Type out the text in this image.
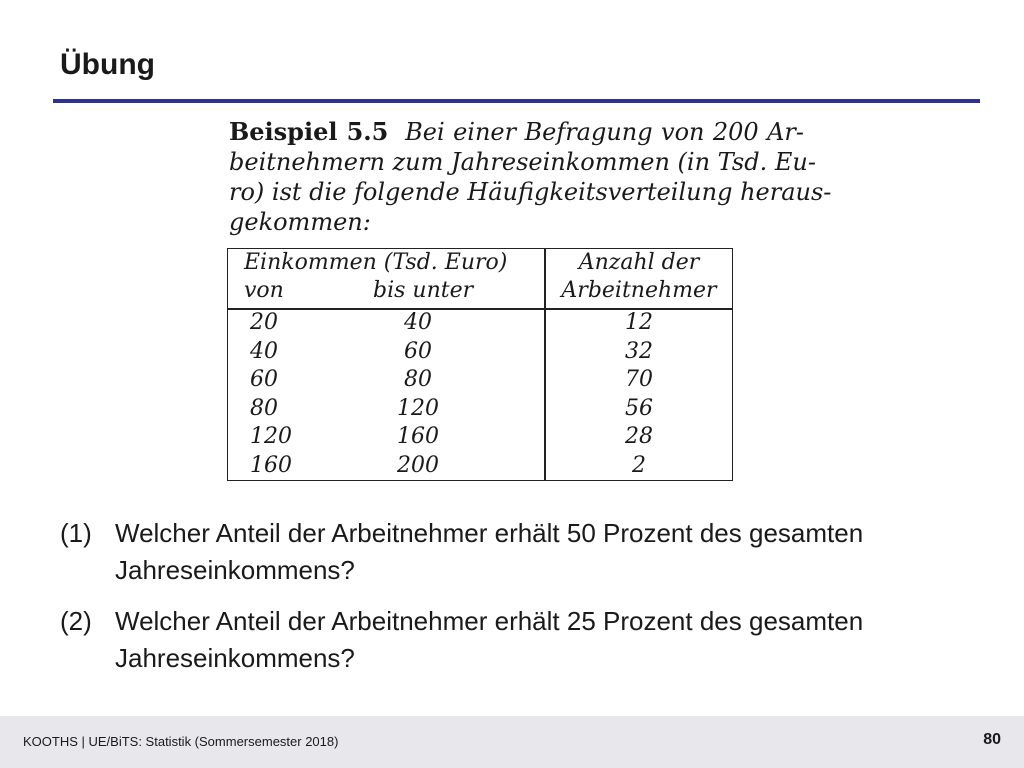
Übung
Beispiel 5.5 Bei einer Befragung von 200 Ar-
beitnehmern zum Jahreseinkommen (in Tsd. Eu-
ro) ist die folgende Häufigkeitsverteilung heraus-
gekommen:
Einkommen (Tsd. Euro)
von	bis unter
Anzahl der
Arbeitnehmer
20	40	12
40	60	32
60	80	70
80	120	56
120	160	28
160	200	2
(1) Welcher Anteil der Arbeitnehmer erhält 50 Prozent des gesamten Jahreseinkommens?
(2) Welcher Anteil der Arbeitnehmer erhält 25 Prozent des gesamten Jahreseinkommens?
KOOTHS | UE/BiTS: Statistik (Sommersemester 2018)	80
